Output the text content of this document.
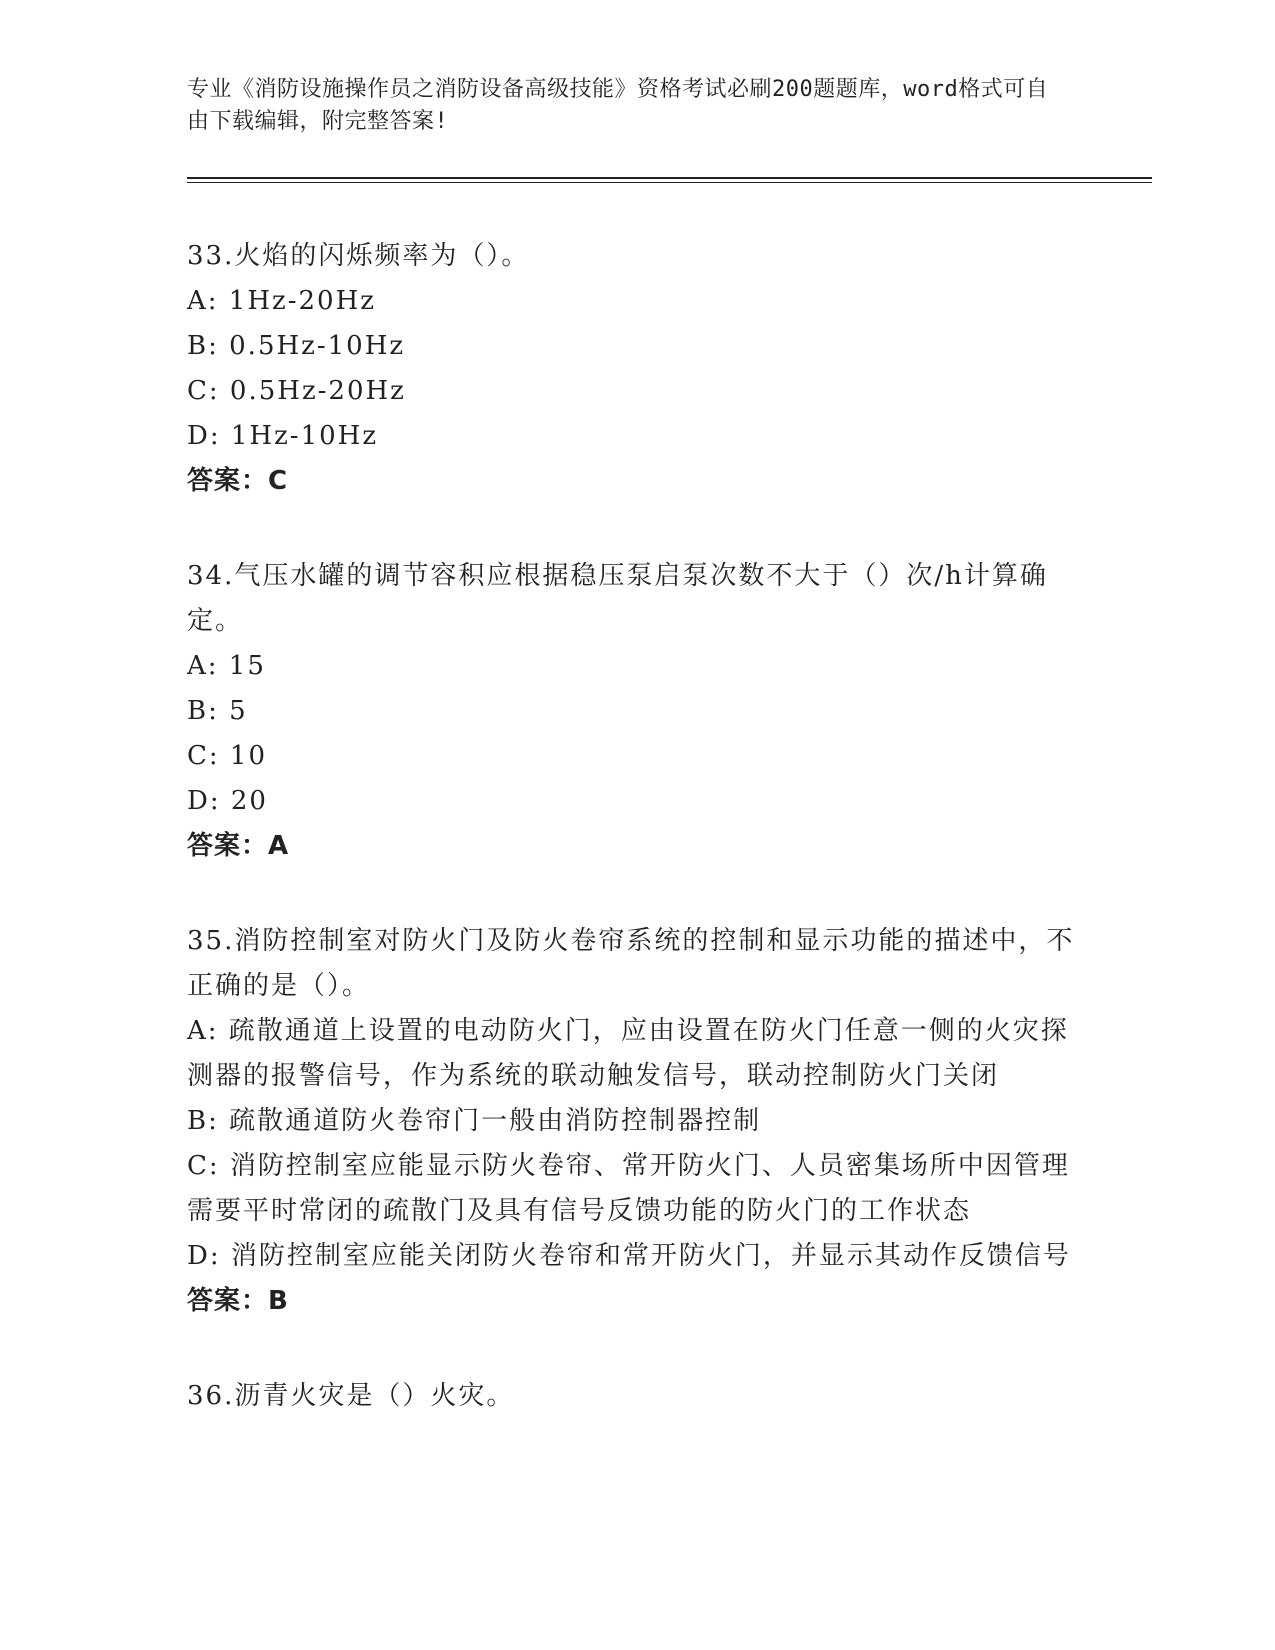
专业《消防设施操作员之消防设备高级技能》资格考试必刷200题题库，word格式可自由下载编辑，附完整答案!
33.火焰的闪烁频率为（）。
A: 1Hz-20Hz
B: 0.5Hz-10Hz
C: 0.5Hz-20Hz
D: 1Hz-10Hz
答案：C
34.气压水罐的调节容积应根据稳压泵启泵次数不大于（）次/h计算确定。
A: 15
B: 5
C: 10
D: 20
答案：A
35.消防控制室对防火门及防火卷帘系统的控制和显示功能的描述中，不正确的是（）。
A: 疏散通道上设置的电动防火门，应由设置在防火门任意一侧的火灾探测器的报警信号，作为系统的联动触发信号，联动控制防火门关闭
B: 疏散通道防火卷帘门一般由消防控制器控制
C: 消防控制室应能显示防火卷帘、常开防火门、人员密集场所中因管理需要平时常闭的疏散门及具有信号反馈功能的防火门的工作状态
D: 消防控制室应能关闭防火卷帘和常开防火门，并显示其动作反馈信号
答案：B
36.沥青火灾是（）火灾。
